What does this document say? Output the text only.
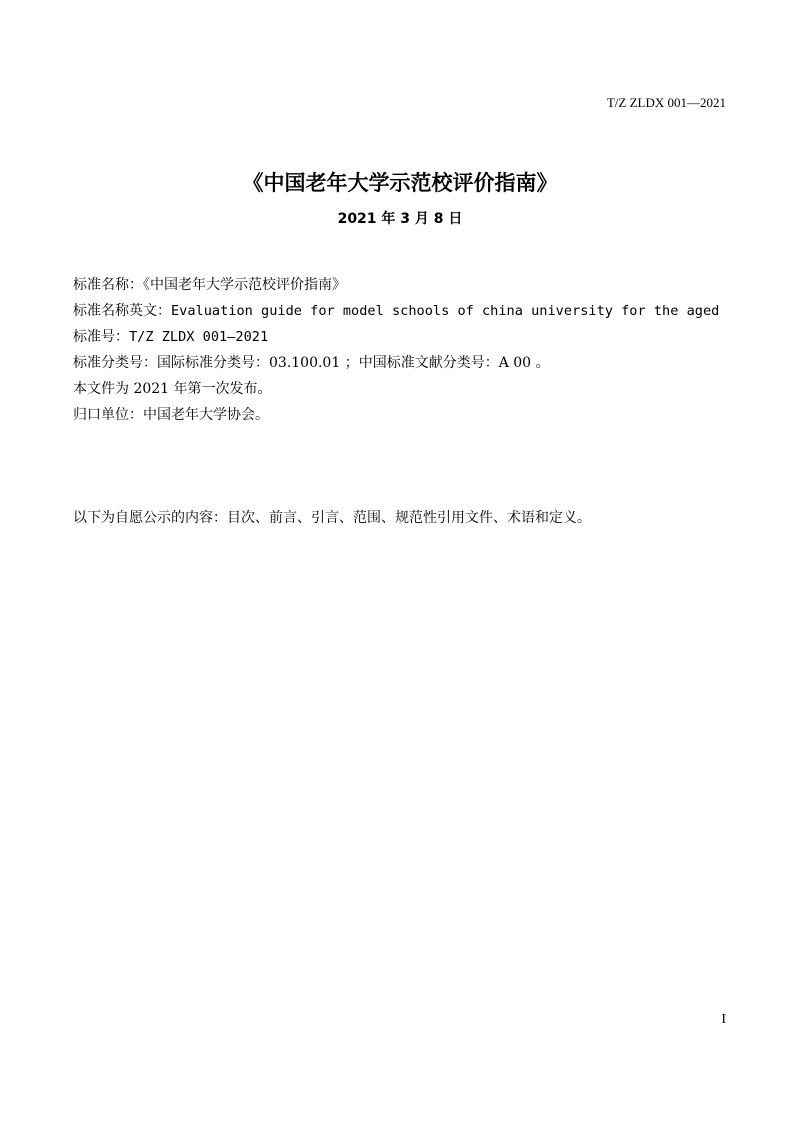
T/Z ZLDX 001—2021
《中国老年大学示范校评价指南》
2021 年 3 月 8 日
标准名称：《中国老年大学示范校评价指南》
标准名称英文：Evaluation guide for model schools of china university for the aged
标准号：T/Z ZLDX 001—2021
标准分类号：国际标准分类号：03.100.01 ；中国标准文献分类号：A 00 。
本文件为 2021 年第一次发布。
归口单位：中国老年大学协会。
以下为自愿公示的内容：目次、前言、引言、范围、规范性引用文件、术语和定义。
I
